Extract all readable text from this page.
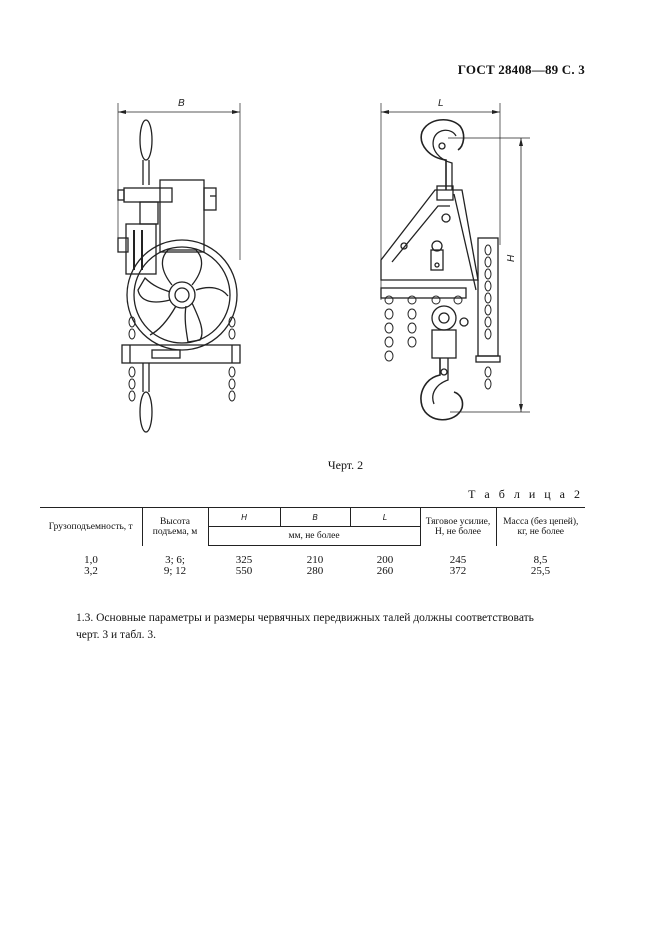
ГОСТ 28408—89 С. 3
B	L
H
Черт. 2
Т а б л и ц а 2
Грузоподъемность, т	Высота подъема, м	H	B	L	Тяговое усилие, Н, не более	Масса (без цепей), кг, не более
		мм, не более				
1,0	3; 6;	325	210	200	245	8,5
3,2	9; 12	550	280	260	372	25,5
1.3. Основные параметры и размеры червячных передвижных талей должны соответствовать
черт. 3 и табл. 3.
